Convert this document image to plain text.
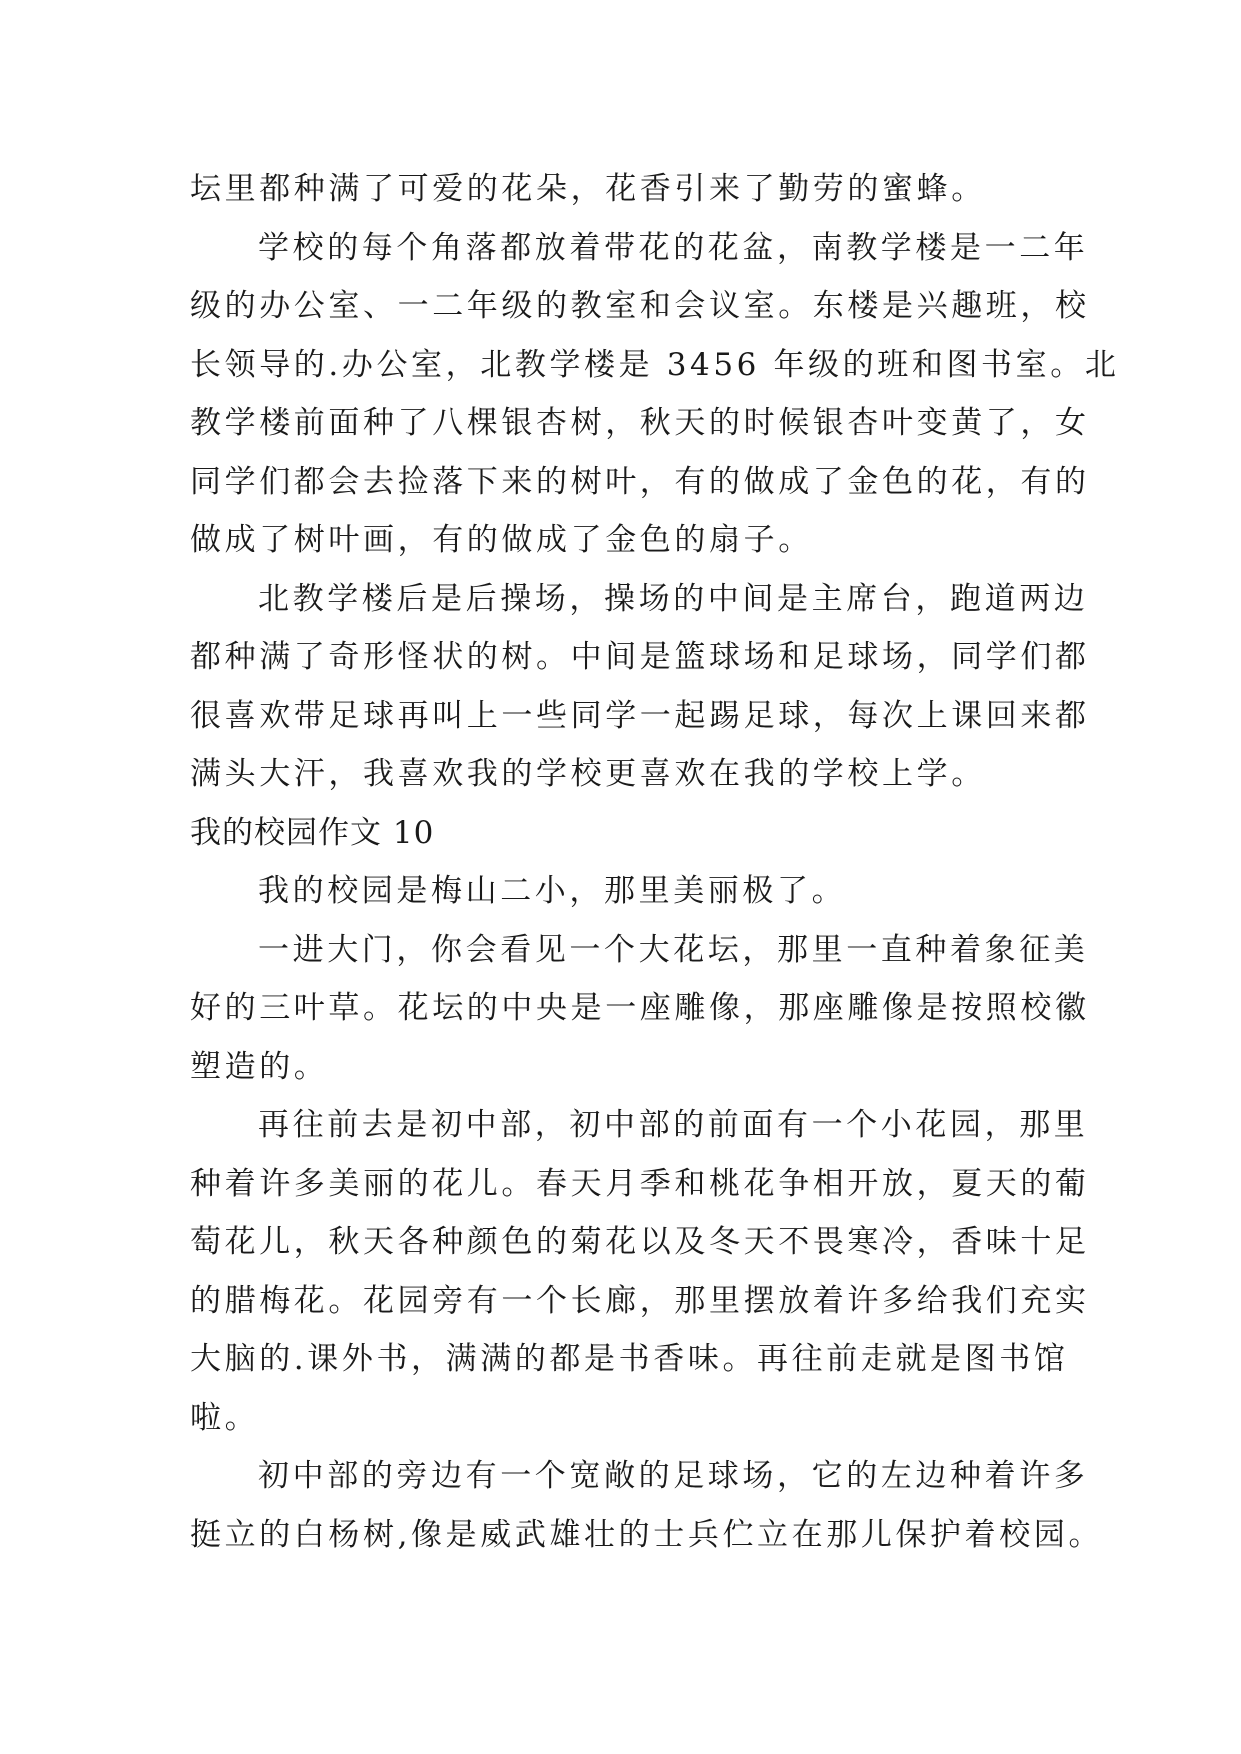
坛里都种满了可爱的花朵，花香引来了勤劳的蜜蜂。
学校的每个角落都放着带花的花盆，南教学楼是一二年
级的办公室、一二年级的教室和会议室。东楼是兴趣班，校
长领导的.办公室，北教学楼是 3456 年级的班和图书室。北
教学楼前面种了八棵银杏树，秋天的时候银杏叶变黄了，女
同学们都会去捡落下来的树叶，有的做成了金色的花，有的
做成了树叶画，有的做成了金色的扇子。
北教学楼后是后操场，操场的中间是主席台，跑道两边
都种满了奇形怪状的树。中间是篮球场和足球场，同学们都
很喜欢带足球再叫上一些同学一起踢足球，每次上课回来都
满头大汗，我喜欢我的学校更喜欢在我的学校上学。
我的校园作文 10
我的校园是梅山二小，那里美丽极了。
一进大门，你会看见一个大花坛，那里一直种着象征美
好的三叶草。花坛的中央是一座雕像，那座雕像是按照校徽
塑造的。
再往前去是初中部，初中部的前面有一个小花园，那里
种着许多美丽的花儿。春天月季和桃花争相开放，夏天的葡
萄花儿，秋天各种颜色的菊花以及冬天不畏寒冷，香味十足
的腊梅花。花园旁有一个长廊，那里摆放着许多给我们充实
大脑的.课外书，满满的都是书香味。再往前走就是图书馆
啦。
初中部的旁边有一个宽敞的足球场，它的左边种着许多
挺立的白杨树,像是威武雄壮的士兵伫立在那儿保护着校园。
